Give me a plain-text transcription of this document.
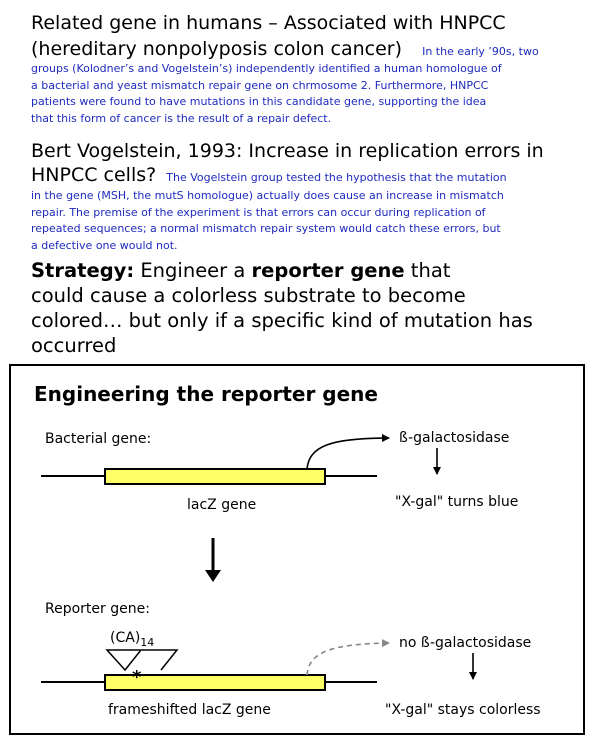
Related gene in humans – Associated with HNPCC
(hereditary nonpolyposis colon cancer) In the early ’90s, two
groups (Kolodner’s and Vogelstein’s) independently identified a human homologue of
a bacterial and yeast mismatch repair gene on chrmosome 2. Furthermore, HNPCC
patients were found to have mutations in this candidate gene, supporting the idea
that this form of cancer is the result of a repair defect.
Bert Vogelstein, 1993: Increase in replication errors in
HNPCC cells? The Vogelstein group tested the hypothesis that the mutation
in the gene (MSH, the mutS homologue) actually does cause an increase in mismatch
repair. The premise of the experiment is that errors can occur during replication of
repeated sequences; a normal mismatch repair system would catch these errors, but
a defective one would not.
Strategy: Engineer a reporter gene that
could cause a colorless substrate to become
colored… but only if a specific kind of mutation has
occurred
Engineering the reporter gene
Bacterial gene:	ß-galactosidase
lacZ gene	"X-gal" turns blue
Reporter gene:
$(CA)_{14}$
*
no ß-galactosidase
frameshifted lacZ gene	"X-gal" stays colorless
